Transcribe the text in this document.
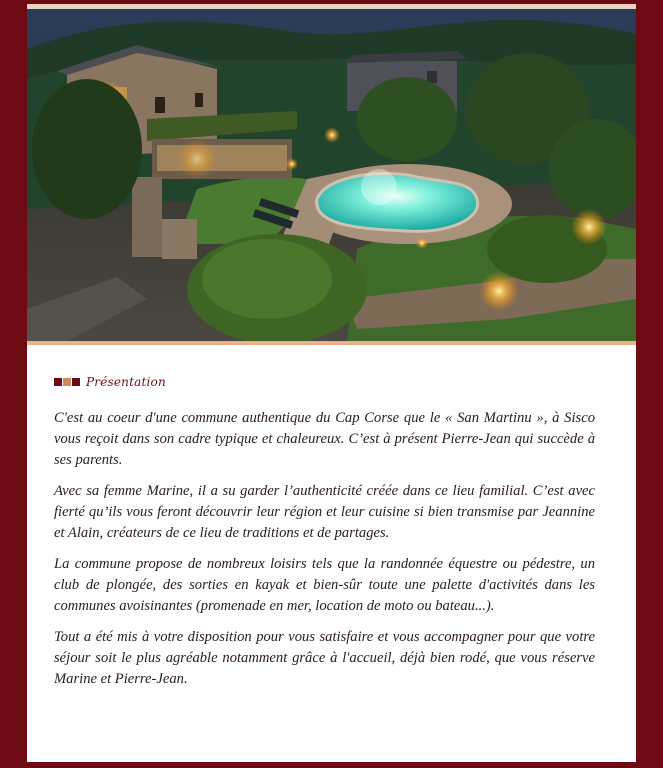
Présentation

C'est au coeur d'une commune authentique du Cap Corse que le « San Martinu », à Sisco vous reçoit dans son cadre typique et chaleureux. C’est à présent Pierre-Jean qui succède à ses parents.

Avec sa femme Marine, il a su garder l’authenticité créée dans ce lieu familial. C’est avec fierté qu’ils vous feront découvrir leur région et leur cuisine si bien transmise par Jeannine et Alain, créateurs de ce lieu de traditions et de partages.

La commune propose de nombreux loisirs tels que la randonnée équestre ou pédestre, un club de plongée, des sorties en kayak et bien-sûr toute une palette d'activités dans les communes avoisinantes (promenade en mer, location de moto ou bateau...).

Tout a été mis à votre disposition pour vous satisfaire et vous accompagner pour que votre séjour soit le plus agréable notamment grâce à l'accueil, déjà bien rodé, que vous réserve Marine et Pierre-Jean.
